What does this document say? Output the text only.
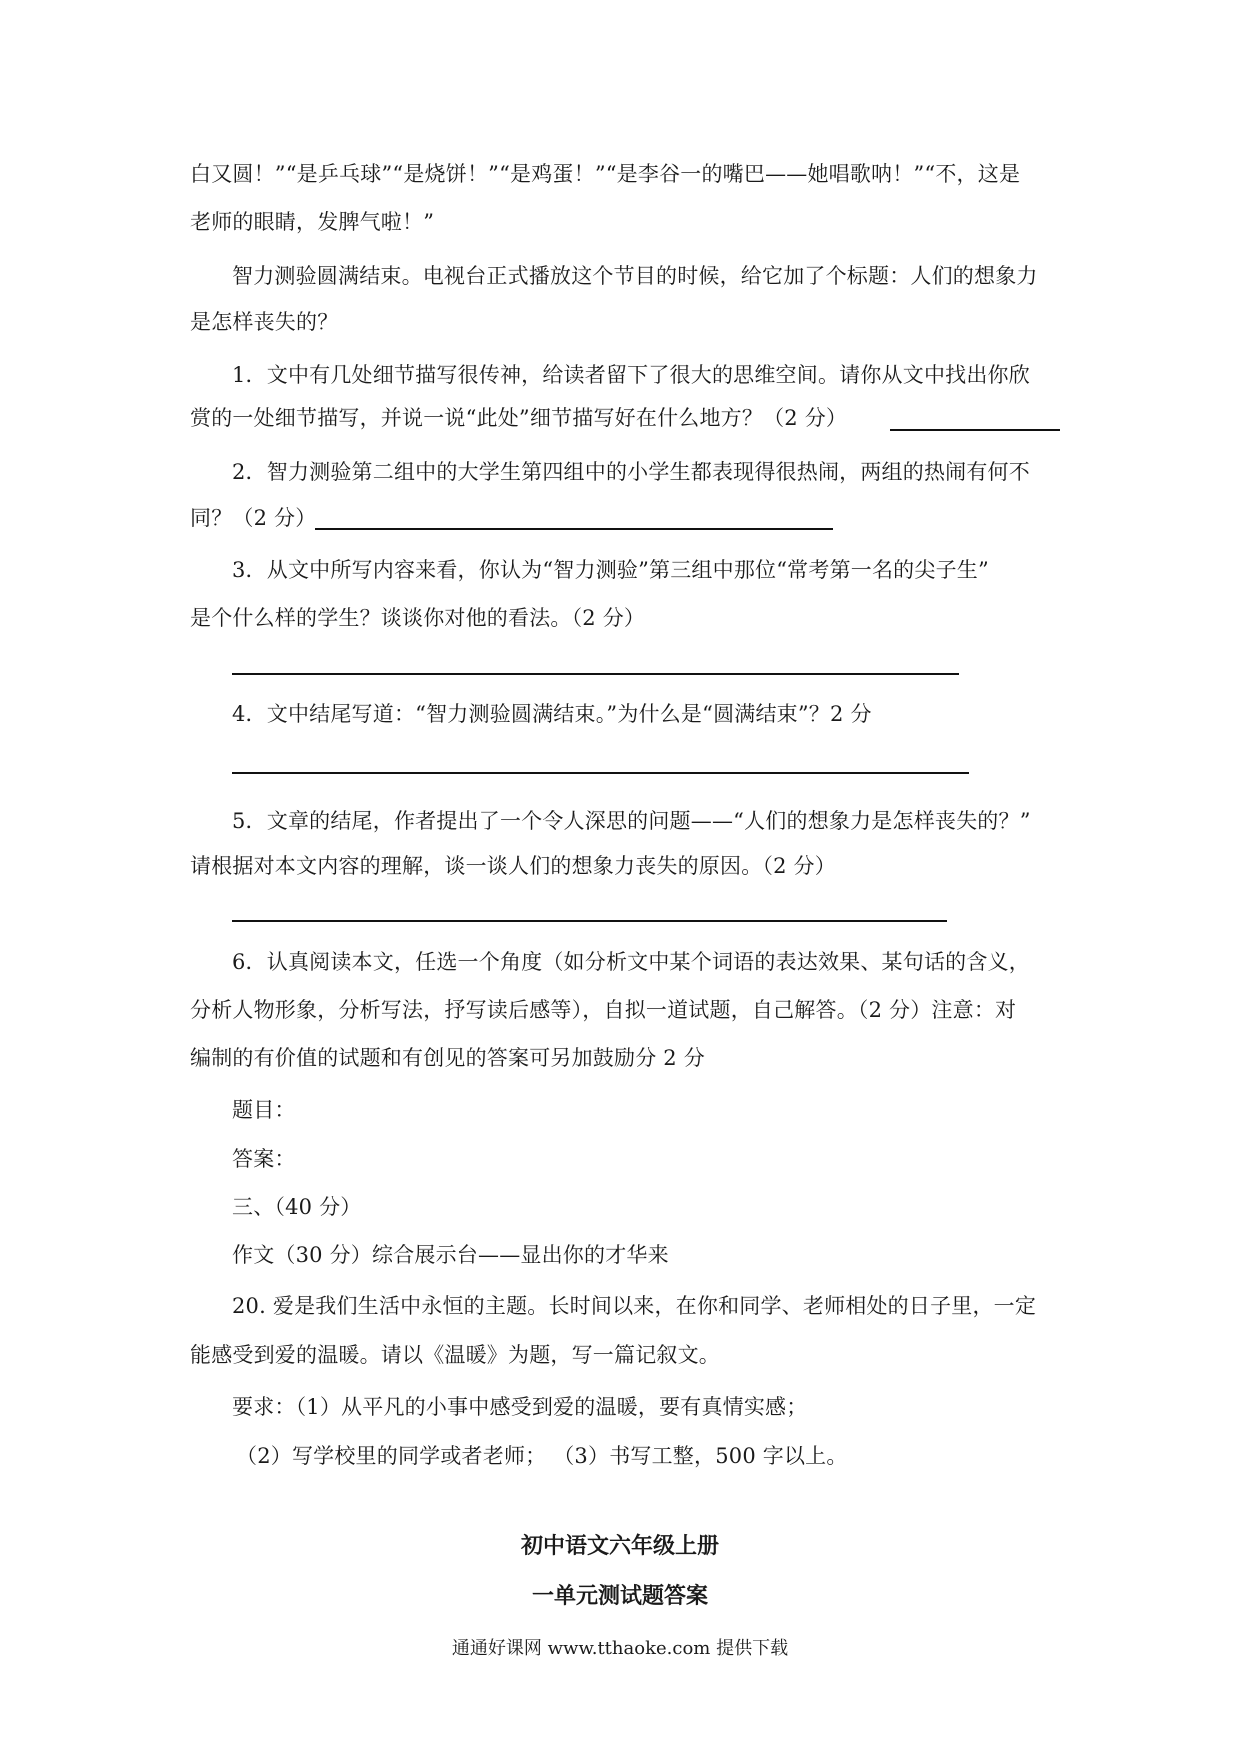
白又圆！”“是乒乓球”“是烧饼！”“是鸡蛋！”“是李谷一的嘴巴——她唱歌呐！”“不，这是
老师的眼睛，发脾气啦！”
智力测验圆满结束。电视台正式播放这个节目的时候，给它加了个标题：人们的想象力
是怎样丧失的？
1．文中有几处细节描写很传神，给读者留下了很大的思维空间。请你从文中找出你欣
赏的一处细节描写，并说一说“此处”细节描写好在什么地方？（2 分）
2．智力测验第二组中的大学生第四组中的小学生都表现得很热闹，两组的热闹有何不
同？（2 分）
3．从文中所写内容来看，你认为“智力测验”第三组中那位“常考第一名的尖子生”
是个什么样的学生？谈谈你对他的看法。（2 分）
4．文中结尾写道：“智力测验圆满结束。”为什么是“圆满结束”？2 分
5．文章的结尾，作者提出了一个令人深思的问题——“人们的想象力是怎样丧失的？”
请根据对本文内容的理解，谈一谈人们的想象力丧失的原因。（2 分）
6．认真阅读本文，任选一个角度（如分析文中某个词语的表达效果、某句话的含义，
分析人物形象，分析写法，抒写读后感等），自拟一道试题，自己解答。（2 分）注意：对
编制的有价值的试题和有创见的答案可另加鼓励分 2 分
题目：
答案：
三、（40 分）
作文（30 分）综合展示台——显出你的才华来
20. 爱是我们生活中永恒的主题。长时间以来，在你和同学、老师相处的日子里，一定
能感受到爱的温暖。请以《温暖》为题，写一篇记叙文。
要求：（1）从平凡的小事中感受到爱的温暖，要有真情实感；
（2）写学校里的同学或者老师； （3）书写工整，500 字以上。
初中语文六年级上册
一单元测试题答案
通通好课网 www.tthaoke.com 提供下载
